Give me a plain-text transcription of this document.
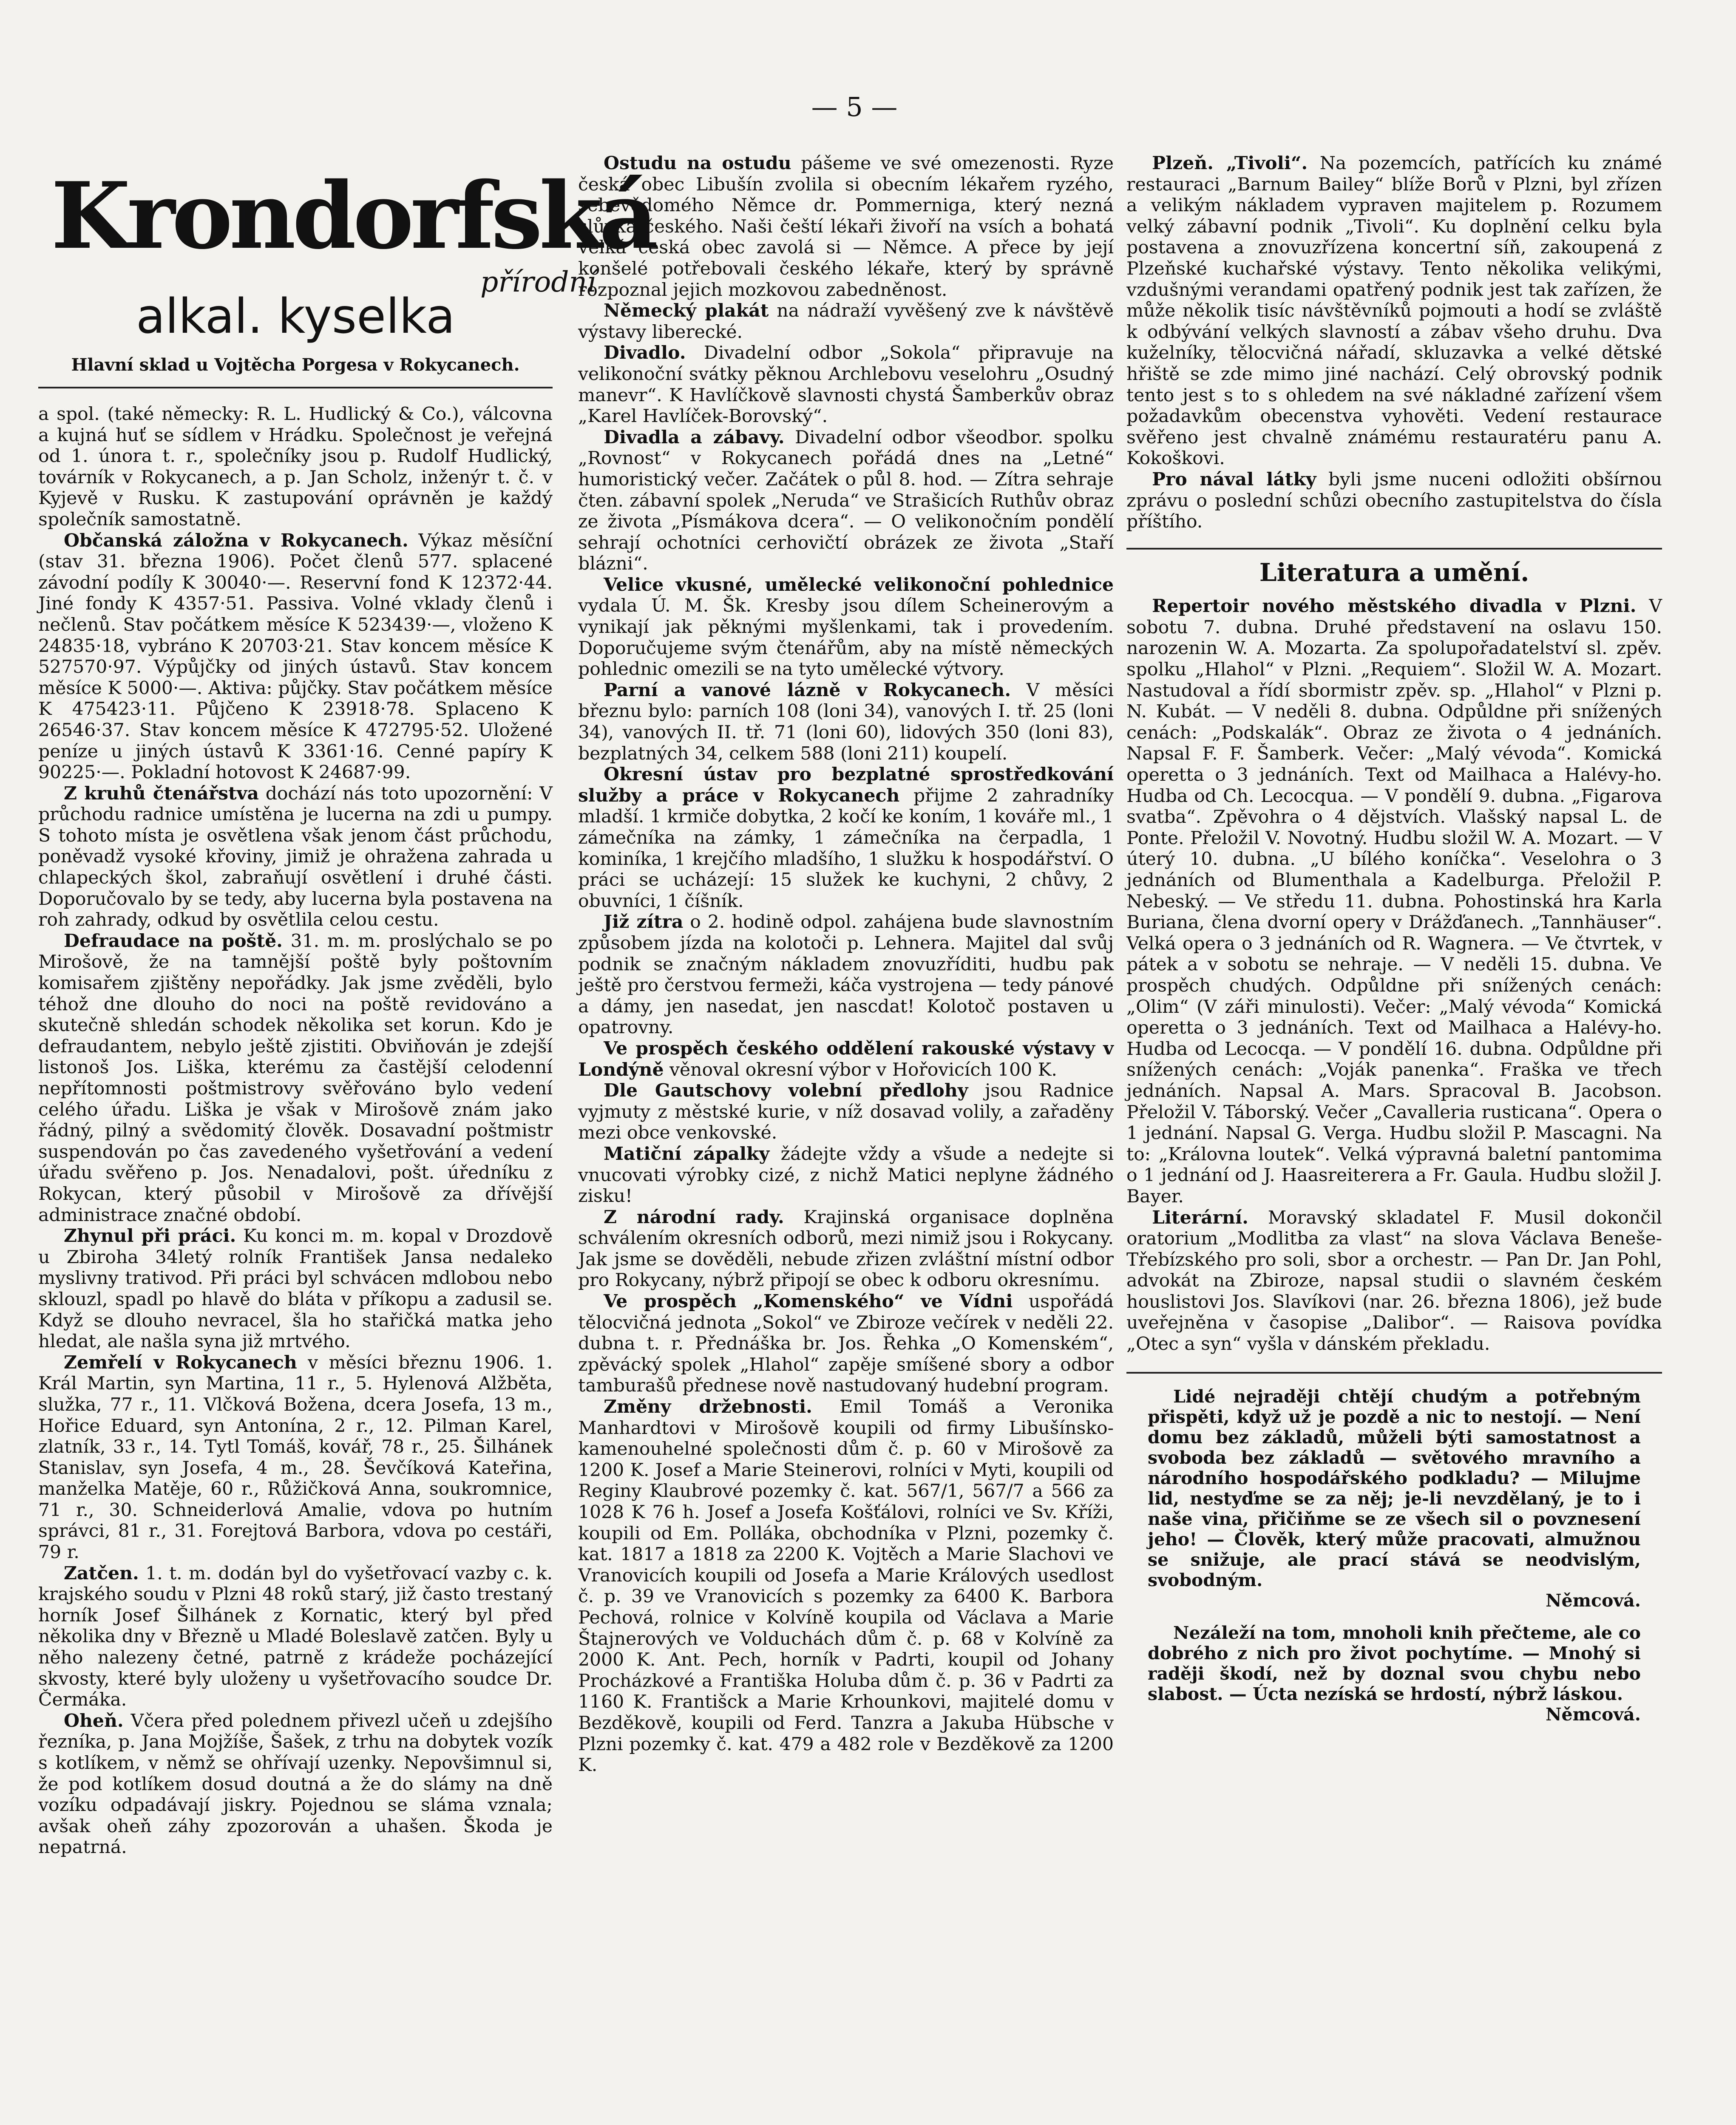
— 5 —
Krondorfská
přírodní
alkal. kyselka
Hlavní sklad u Vojtěcha Porgesa v Rokycanech.

a spol. (také německy: R. L. Hudlický & Co.), válcovna a kujná huť se sídlem v Hrádku. Společnost je veřejná od 1. února t. r., společníky jsou p. Rudolf Hudlický, továrník v Rokycanech, a p. Jan Scholz, inženýr t. č. v Kyjevě v Rusku. K zastupování oprávněn je každý společník samostatně.

Občanská záložna v Rokycanech. Výkaz měsíční (stav 31. března 1906). Počet členů 577. splacené závodní podíly K 30040·—. Reservní fond K 12372·44. Jiné fondy K 4357·51. Passiva. Volné vklady členů i nečlenů. Stav počátkem měsíce K 523439·—, vloženo K 24835·18, vybráno K 20703·21. Stav koncem měsíce K 527570·97. Výpůjčky od jiných ústavů. Stav koncem měsíce K 5000·—. Aktiva: půjčky. Stav počátkem měsíce K 475423·11. Půjčeno K 23918·78. Splaceno K 26546·37. Stav koncem měsíce K 472795·52. Uložené peníze u jiných ústavů K 3361·16. Cenné papíry K 90225·—. Pokladní hotovost K 24687·99.

Z kruhů čtenářstva dochází nás toto upozornění: V průchodu radnice umístěna je lucerna na zdi u pumpy. S tohoto místa je osvětlena však jenom část průchodu, poněvadž vysoké křoviny, jimiž je ohražena zahrada u chlapeckých škol, zabraňují osvětlení i druhé části. Doporučovalo by se tedy, aby lucerna byla postavena na roh zahrady, odkud by osvětlila celou cestu.

Defraudace na poště. 31. m. m. proslýchalo se po Mirošově, že na tamnější poště byly poštovním komisařem zjištěny nepořádky. Jak jsme zvěděli, bylo téhož dne dlouho do noci na poště revidováno a skutečně shledán schodek několika set korun. Kdo je defraudantem, nebylo ještě zjistiti. Obviňován je zdejší listonoš Jos. Liška, kterému za častější celodenní nepřítomnosti poštmistrovy svěřováno bylo vedení celého úřadu. Liška je však v Mirošově znám jako řádný, pilný a svědomitý člověk. Dosavadní poštmistr suspendován po čas zavedeného vyšetřování a vedení úřadu svěřeno p. Jos. Nenadalovi, pošt. úředníku z Rokycan, který působil v Mirošově za dřívější administrace značné období.

Zhynul při práci. Ku konci m. m. kopal v Drozdově u Zbiroha 34letý rolník František Jansa nedaleko myslivny trativod. Při práci byl schvácen mdlobou nebo sklouzl, spadl po hlavě do bláta v příkopu a zadusil se. Když se dlouho nevracel, šla ho stařičká matka jeho hledat, ale našla syna již mrtvého.

Zemřelí v Rokycanech v měsíci březnu 1906. 1. Král Martin, syn Martina, 11 r., 5. Hylenová Alžběta, služka, 77 r., 11. Vlčková Božena, dcera Josefa, 13 m., Hořice Eduard, syn Antonína, 2 r., 12. Pilman Karel, zlatník, 33 r., 14. Tytl Tomáš, kovář, 78 r., 25. Šilhánek Stanislav, syn Josefa, 4 m., 28. Ševčíková Kateřina, manželka Matěje, 60 r., Růžičková Anna, soukromnice, 71 r., 30. Schneiderlová Amalie, vdova po hutním správci, 81 r., 31. Forejtová Barbora, vdova po cestáři, 79 r.

Zatčen. 1. t. m. dodán byl do vyšetřovací vazby c. k. krajského soudu v Plzni 48 roků starý, již často trestaný horník Josef Šilhánek z Kornatic, který byl před několika dny v Březně u Mladé Boleslavě zatčen. Byly u něho nalezeny četné, patrně z krádeže pocházející skvosty, které byly uloženy u vyšetřovacího soudce Dr. Čermáka.

Oheň. Včera před polednem přivezl učeň u zdejšího řezníka, p. Jana Mojžíše, Šašek, z trhu na dobytek vozík s kotlíkem, v němž se ohřívají uzenky. Nepovšimnul si, že pod kotlíkem dosud doutná a že do slámy na dně vozíku odpadávají jiskry. Pojednou se sláma vznala; avšak oheň záhy zpozorován a uhašen. Škoda je nepatrná.

Ostudu na ostudu pášeme ve své omezenosti. Ryze česká obec Libušín zvolila si obecním lékařem ryzého, sebevědomého Němce dr. Pommerniga, který nezná slůvka českého. Naši čeští lékaři živoří na vsích a bohatá velká česká obec zavolá si — Němce. A přece by její konšelé potřebovali českého lékaře, který by správně rozpoznal jejich mozkovou zabedněnost.

Německý plakát na nádraží vyvěšený zve k návštěvě výstavy liberecké.

Divadlo. Divadelní odbor „Sokola“ připravuje na velikonoční svátky pěknou Archlebovu veselohru „Osudný manevr“. K Havlíčkově slavnosti chystá Šamberkův obraz „Karel Havlíček-Borovský“.

Divadla a zábavy. Divadelní odbor všeodbor. spolku „Rovnost“ v Rokycanech pořádá dnes na „Letné“ humoristický večer. Začátek o půl 8. hod. — Zítra sehraje čten. zábavní spolek „Neruda“ ve Strašicích Ruthův obraz ze života „Písmákova dcera“. — O velikonočním pondělí sehrají ochotníci cerhovičtí obrázek ze života „Staří blázni“.

Velice vkusné, umělecké velikonoční pohlednice vydala Ú. M. Šk. Kresby jsou dílem Scheinerovým a vynikají jak pěknými myšlenkami, tak i provedením. Doporučujeme svým čtenářům, aby na místě německých pohlednic omezili se na tyto umělecké výtvory.

Parní a vanové lázně v Rokycanech. V měsíci březnu bylo: parních 108 (loni 34), vanových I. tř. 25 (loni 34), vanových II. tř. 71 (loni 60), lidových 350 (loni 83), bezplatných 34, celkem 588 (loni 211) koupelí.

Okresní ústav pro bezplatné sprostředkování služby a práce v Rokycanech přijme 2 zahradníky mladší. 1 krmiče dobytka, 2 kočí ke koním, 1 kováře ml., 1 zámečníka na zámky, 1 zámečníka na čerpadla, 1 kominíka, 1 krejčího mladšího, 1 služku k hospodářství. O práci se ucházejí: 15 služek ke kuchyni, 2 chůvy, 2 obuvníci, 1 číšník.

Již zítra o 2. hodině odpol. zahájena bude slavnostním způsobem jízda na kolotoči p. Lehnera. Majitel dal svůj podnik se značným nákladem znovuzříditi, hudbu pak ještě pro čerstvou fermeži, káča vystrojena — tedy pánové a dámy, jen nasedat, jen nascdat! Kolotoč postaven u opatrovny.

Ve prospěch českého oddělení rakouské výstavy v Londýně věnoval okresní výbor v Hořovicích 100 K.

Dle Gautschovy volební předlohy jsou Radnice vyjmuty z městské kurie, v níž dosavad volily, a zařaděny mezi obce venkovské.

Matiční zápalky žádejte vždy a všude a nedejte si vnucovati výrobky cizé, z nichž Matici neplyne žádného zisku!

Z národní rady. Krajinská organisace doplněna schválením okresních odborů, mezi nimiž jsou i Rokycany. Jak jsme se dověděli, nebude zřizen zvláštní místní odbor pro Rokycany, nýbrž připojí se obec k odboru okresnímu.

Ve prospěch „Komenského“ ve Vídni uspořádá tělocvičná jednota „Sokol“ ve Zbiroze večírek v neděli 22. dubna t. r. Přednáška br. Jos. Řehka „O Komenském“, zpěvácký spolek „Hlahol“ zapěje smíšené sbory a odbor tamburašů přednese nově nastudovaný hudební program.

Změny držebnosti. Emil Tomáš a Veronika Manhardtovi v Mirošově koupili od firmy Libušínsko-kamenouhelné společnosti dům č. p. 60 v Mirošově za 1200 K. Josef a Marie Steinerovi, rolníci v Myti, koupili od Reginy Klaubrové pozemky č. kat. 567/1, 567/7 a 566 za 1028 K 76 h. Josef a Josefa Košťálovi, rolníci ve Sv. Kříži, koupili od Em. Polláka, obchodníka v Plzni, pozemky č. kat. 1817 a 1818 za 2200 K. Vojtěch a Marie Slachovi ve Vranovicích koupili od Josefa a Marie Králových usedlost č. p. 39 ve Vranovicích s pozemky za 6400 K. Barbora Pechová, rolnice v Kolvíně koupila od Václava a Marie Štajnerových ve Volduchách dům č. p. 68 v Kolvíně za 2000 K. Ant. Pech, horník v Padrti, koupil od Johany Procházkové a Františka Holuba dům č. p. 36 v Padrti za 1160 K. Františck a Marie Krhounkovi, majitelé domu v Bezděkově, koupili od Ferd. Tanzra a Jakuba Hübsche v Plzni pozemky č. kat. 479 a 482 role v Bezděkově za 1200 K.

Plzeň. „Tivoli“. Na pozemcích, patřících ku známé restauraci „Barnum Bailey“ blíže Borů v Plzni, byl zřízen a velikým nákladem vypraven majitelem p. Rozumem velký zábavní podnik „Tivoli“. Ku doplnění celku byla postavena a znovuzřízena koncertní síň, zakoupená z Plzeňské kuchařské výstavy. Tento několika velikými, vzdušnými verandami opatřený podnik jest tak zařízen, že může několik tisíc návštěvníků pojmouti a hodí se zvláště k odbývání velkých slavností a zábav všeho druhu. Dva kuželníky, tělocvičná nářadí, skluzavka a velké dětské hřiště se zde mimo jiné nachází. Celý obrovský podnik tento jest s to s ohledem na své nákladné zařízení všem požadavkům obecenstva vyhověti. Vedení restaurace svěřeno jest chvalně známému restauratéru panu A. Kokoškovi.

Pro nával látky byli jsme nuceni odložiti obšírnou zprávu o poslední schůzi obecního zastupitelstva do čísla příštího.

Literatura a umění.

Repertoir nového městského divadla v Plzni. V sobotu 7. dubna. Druhé představení na oslavu 150. narozenin W. A. Mozarta. Za spolupořadatelství sl. zpěv. spolku „Hlahol“ v Plzni. „Requiem“. Složil W. A. Mozart. Nastudoval a řídí sbormistr zpěv. sp. „Hlahol“ v Plzni p. N. Kubát. — V neděli 8. dubna. Odpůldne při snížených cenách: „Podskalák“. Obraz ze života o 4 jednáních. Napsal F. F. Šamberk. Večer: „Malý vévoda“. Komická operetta o 3 jednáních. Text od Mailhaca a Halévy-ho. Hudba od Ch. Lecocqua. — V pondělí 9. dubna. „Figarova svatba“. Zpěvohra o 4 dějstvích. Vlašský napsal L. de Ponte. Přeložil V. Novotný. Hudbu složil W. A. Mozart. — V úterý 10. dubna. „U bílého koníčka“. Veselohra o 3 jednáních od Blumenthala a Kadelburga. Přeložil P. Nebeský. — Ve středu 11. dubna. Pohostinská hra Karla Buriana, člena dvorní opery v Drážďanech. „Tannhäuser“. Velká opera o 3 jednáních od R. Wagnera. — Ve čtvrtek, v pátek a v sobotu se nehraje. — V neděli 15. dubna. Ve prospěch chudých. Odpůldne při snížených cenách: „Olim“ (V záři minulosti). Večer: „Malý vévoda“ Komická operetta o 3 jednáních. Text od Mailhaca a Halévy-ho. Hudba od Lecocqa. — V pondělí 16. dubna. Odpůldne při snížených cenách: „Voják panenka“. Fraška ve třech jednáních. Napsal A. Mars. Spracoval B. Jacobson. Přeložil V. Táborský. Večer „Cavalleria rusticana“. Opera o 1 jednání. Napsal G. Verga. Hudbu složil P. Mascagni. Na to: „Královna loutek“. Velká výpravná baletní pantomima o 1 jednání od J. Haasreiterera a Fr. Gaula. Hudbu složil J. Bayer.

Literární. Moravský skladatel F. Musil dokončil oratorium „Modlitba za vlast“ na slova Václava Beneše-Třebízského pro soli, sbor a orchestr. — Pan Dr. Jan Pohl, advokát na Zbiroze, napsal studii o slavném českém houslistovi Jos. Slavíkovi (nar. 26. března 1806), jež bude uveřejněna v časopise „Dalibor“. — Raisova povídka „Otec a syn“ vyšla v dánském překladu.

Lidé nejraději chtějí chudým a potřebným přispěti, když už je pozdě a nic to nestojí. — Není domu bez základů, můželi býti samostatnost a svoboda bez základů — světového mravního a národního hospodářského podkladu? — Milujme lid, nestyďme se za něj; je-li nevzdělaný, je to i naše vina, přičiňme se ze všech sil o povznesení jeho! — Člověk, který může pracovati, almužnou se snižuje, ale prací stává se neodvislým, svobodným.

Němcová.

Nezáleží na tom, mnoholi knih přečteme, ale co dobrého z nich pro život pochytíme. — Mnohý si raději škodí, než by doznal svou chybu nebo slabost. — Úcta nezíská se hrdostí, nýbrž láskou.

Němcová.
